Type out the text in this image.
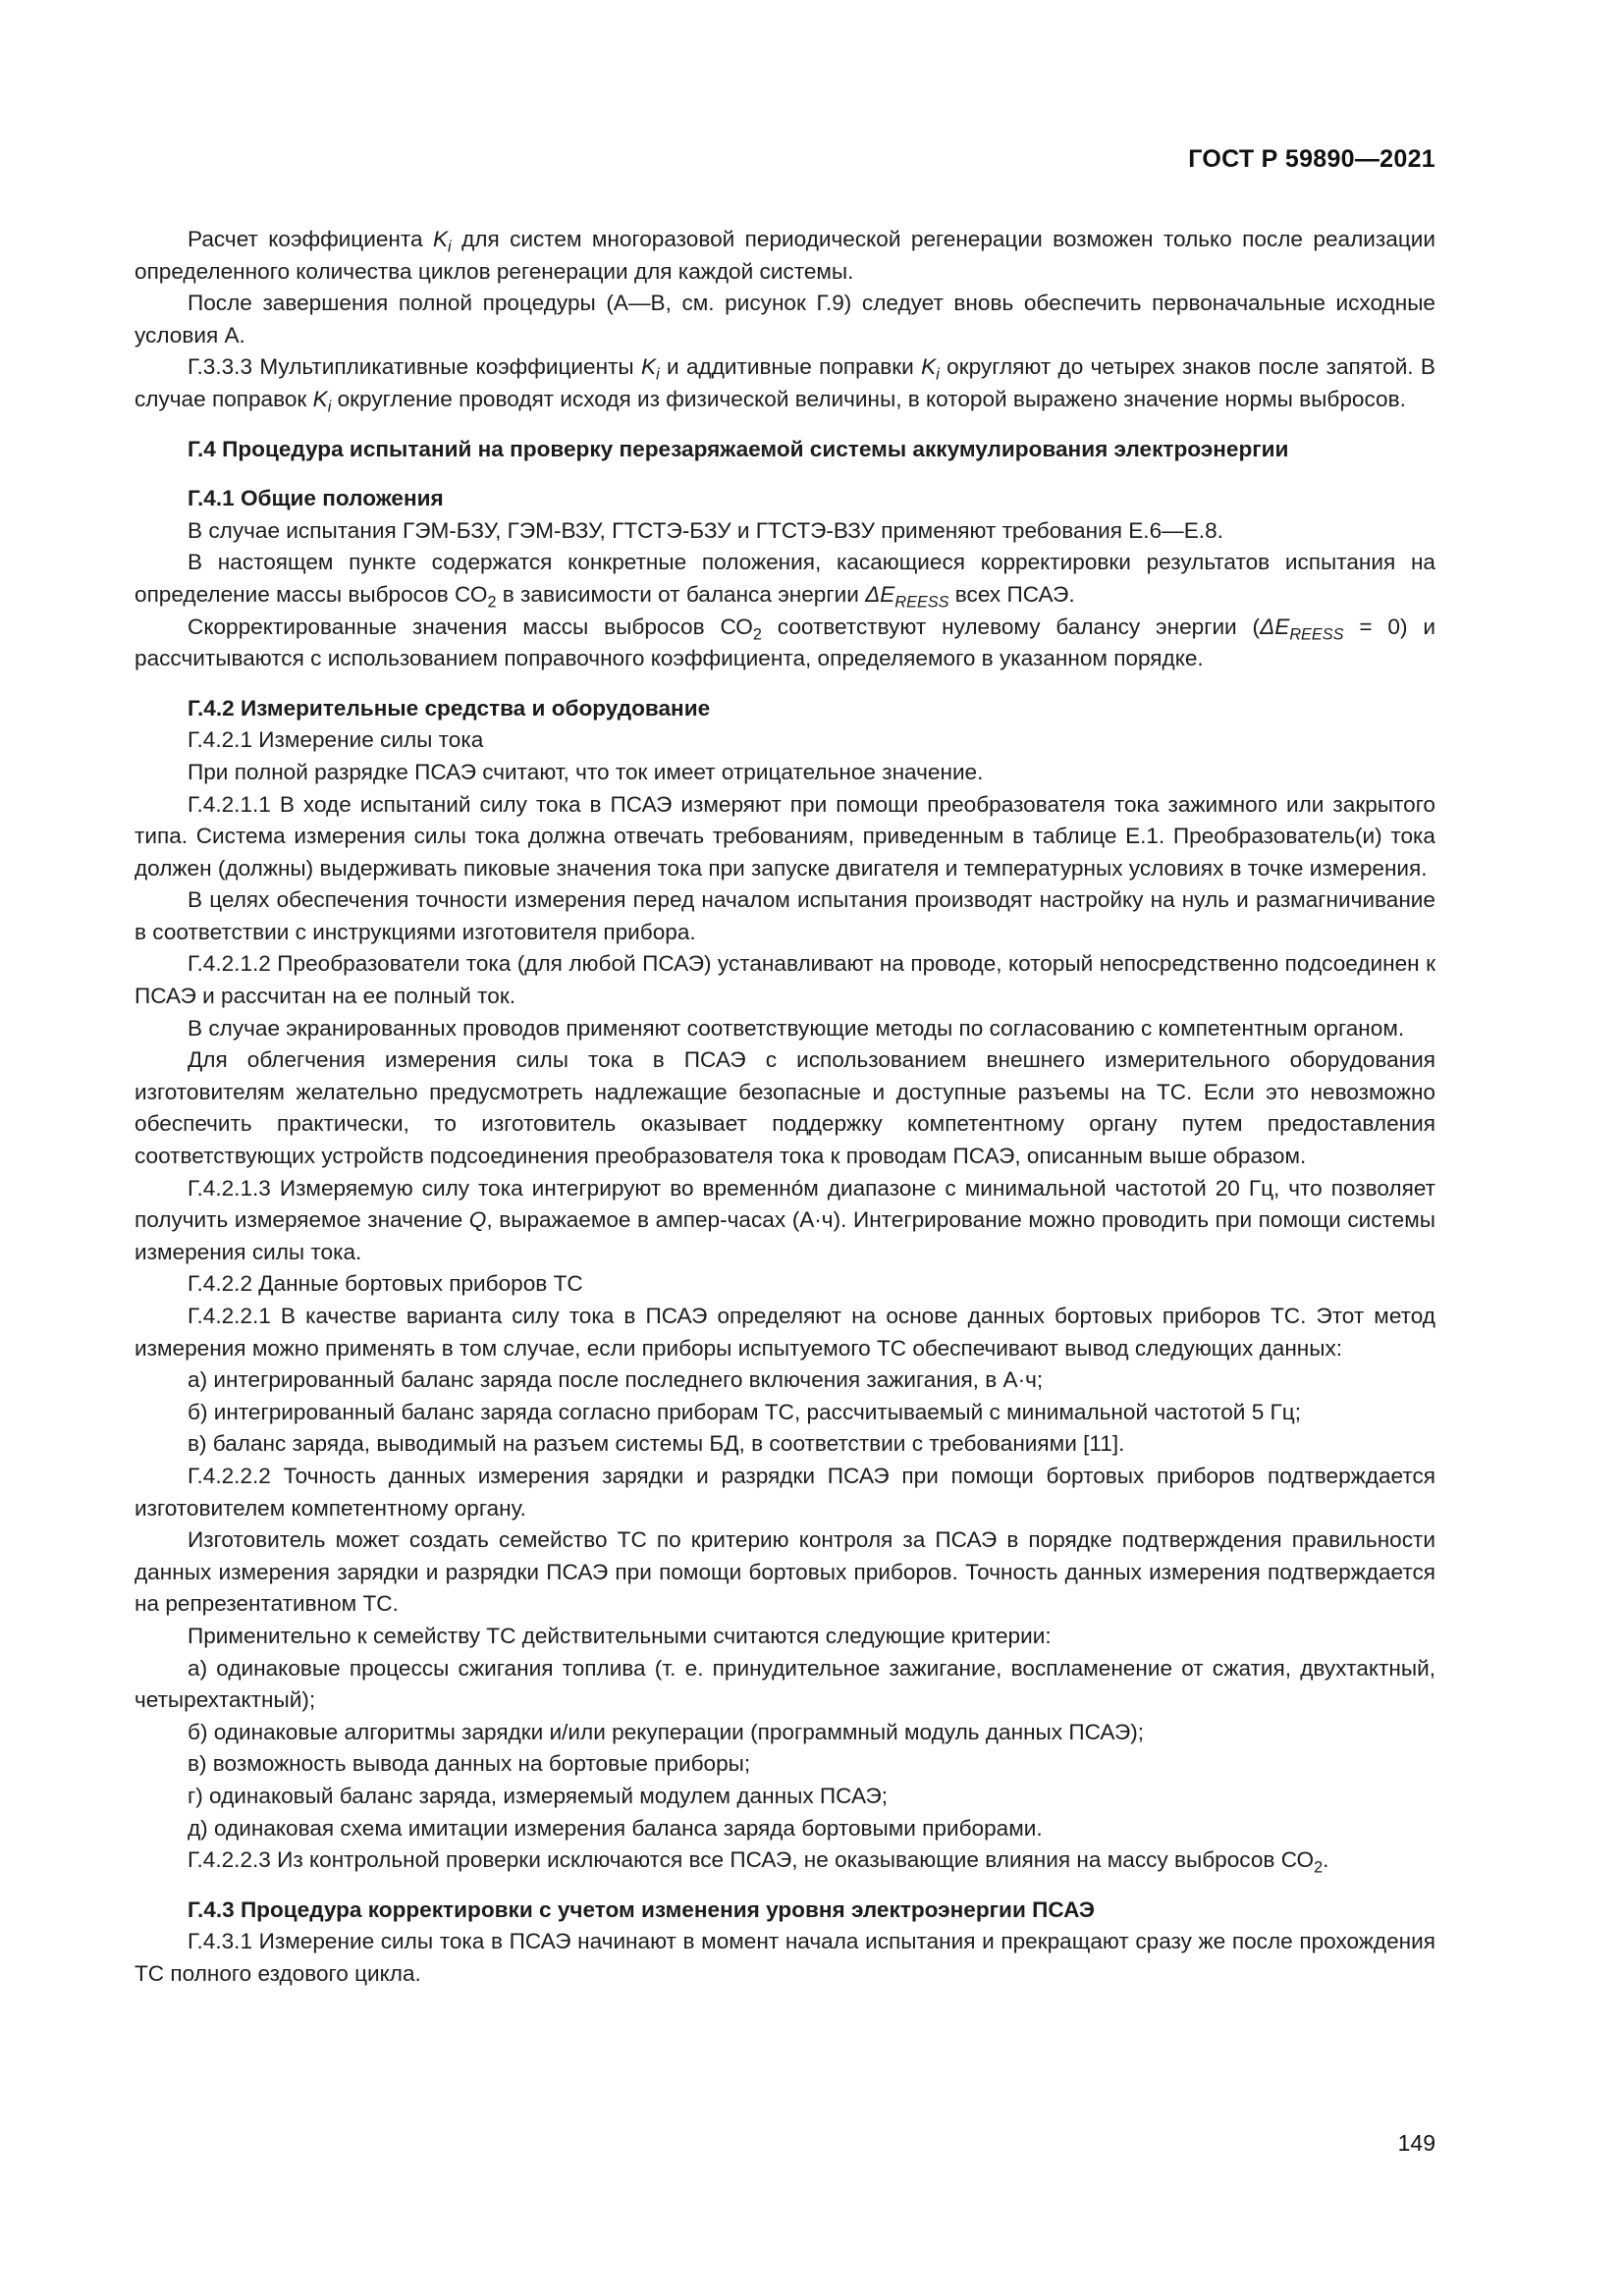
ГОСТ Р 59890—2021

Расчет коэффициента $K_i$ для систем многоразовой периодической регенерации возможен только после реализации определенного количества циклов регенерации для каждой системы.

После завершения полной процедуры (А—В, см. рисунок Г.9) следует вновь обеспечить первоначальные исходные условия А.

Г.3.3.3 Мультипликативные коэффициенты $K_i$ и аддитивные поправки $K_i$ округляют до четырех знаков после запятой. В случае поправок $K_i$ округление проводят исходя из физической величины, в которой выражено значение нормы выбросов.

Г.4 Процедура испытаний на проверку перезаряжаемой системы аккумулирования электроэнергии

Г.4.1 Общие положения

В случае испытания ГЭМ-БЗУ, ГЭМ-ВЗУ, ГТСТЭ-БЗУ и ГТСТЭ-ВЗУ применяют требования Е.6—Е.8.

В настоящем пункте содержатся конкретные положения, касающиеся корректировки результатов испытания на определение массы выбросов $СО_2$ в зависимости от баланса энергии $\Delta E_{REESS}$ всех ПСАЭ.

Скорректированные значения массы выбросов $СО_2$ соответствуют нулевому балансу энергии $(\Delta E_{REESS} = 0)$ и рассчитываются с использованием поправочного коэффициента, определяемого в указанном порядке.

Г.4.2 Измерительные средства и оборудование

Г.4.2.1 Измерение силы тока

При полной разрядке ПСАЭ считают, что ток имеет отрицательное значение.

Г.4.2.1.1 В ходе испытаний силу тока в ПСАЭ измеряют при помощи преобразователя тока зажимного или закрытого типа. Система измерения силы тока должна отвечать требованиям, приведенным в таблице Е.1. Преобразователь(и) тока должен (должны) выдерживать пиковые значения тока при запуске двигателя и температурных условиях в точке измерения.

В целях обеспечения точности измерения перед началом испытания производят настройку на нуль и размагничивание в соответствии с инструкциями изготовителя прибора.

Г.4.2.1.2 Преобразователи тока (для любой ПСАЭ) устанавливают на проводе, который непосредственно подсоединен к ПСАЭ и рассчитан на ее полный ток.

В случае экранированных проводов применяют соответствующие методы по согласованию с компетентным органом.

Для облегчения измерения силы тока в ПСАЭ с использованием внешнего измерительного оборудования изготовителям желательно предусмотреть надлежащие безопасные и доступные разъемы на ТС. Если это невозможно обеспечить практически, то изготовитель оказывает поддержку компетентному органу путем предоставления соответствующих устройств подсоединения преобразователя тока к проводам ПСАЭ, описанным выше образом.

Г.4.2.1.3 Измеряемую силу тока интегрируют во временно́м диапазоне с минимальной частотой 20 Гц, что позволяет получить измеряемое значение Q, выражаемое в ампер-часах (А·ч). Интегрирование можно проводить при помощи системы измерения силы тока.

Г.4.2.2 Данные бортовых приборов ТС

Г.4.2.2.1 В качестве варианта силу тока в ПСАЭ определяют на основе данных бортовых приборов ТС. Этот метод измерения можно применять в том случае, если приборы испытуемого ТС обеспечивают вывод следующих данных:

а) интегрированный баланс заряда после последнего включения зажигания, в А·ч;

б) интегрированный баланс заряда согласно приборам ТС, рассчитываемый с минимальной частотой 5 Гц;

в) баланс заряда, выводимый на разъем системы БД, в соответствии с требованиями [11].

Г.4.2.2.2 Точность данных измерения зарядки и разрядки ПСАЭ при помощи бортовых приборов подтверждается изготовителем компетентному органу.

Изготовитель может создать семейство ТС по критерию контроля за ПСАЭ в порядке подтверждения правильности данных измерения зарядки и разрядки ПСАЭ при помощи бортовых приборов. Точность данных измерения подтверждается на репрезентативном ТС.

Применительно к семейству ТС действительными считаются следующие критерии:

а) одинаковые процессы сжигания топлива (т. е. принудительное зажигание, воспламенение от сжатия, двухтактный, четырехтактный);

б) одинаковые алгоритмы зарядки и/или рекуперации (программный модуль данных ПСАЭ);

в) возможность вывода данных на бортовые приборы;

г) одинаковый баланс заряда, измеряемый модулем данных ПСАЭ;

д) одинаковая схема имитации измерения баланса заряда бортовыми приборами.

Г.4.2.2.3 Из контрольной проверки исключаются все ПСАЭ, не оказывающие влияния на массу выбросов $СО_2$.

Г.4.3 Процедура корректировки с учетом изменения уровня электроэнергии ПСАЭ

Г.4.3.1 Измерение силы тока в ПСАЭ начинают в момент начала испытания и прекращают сразу же после прохождения ТС полного ездового цикла.

149
